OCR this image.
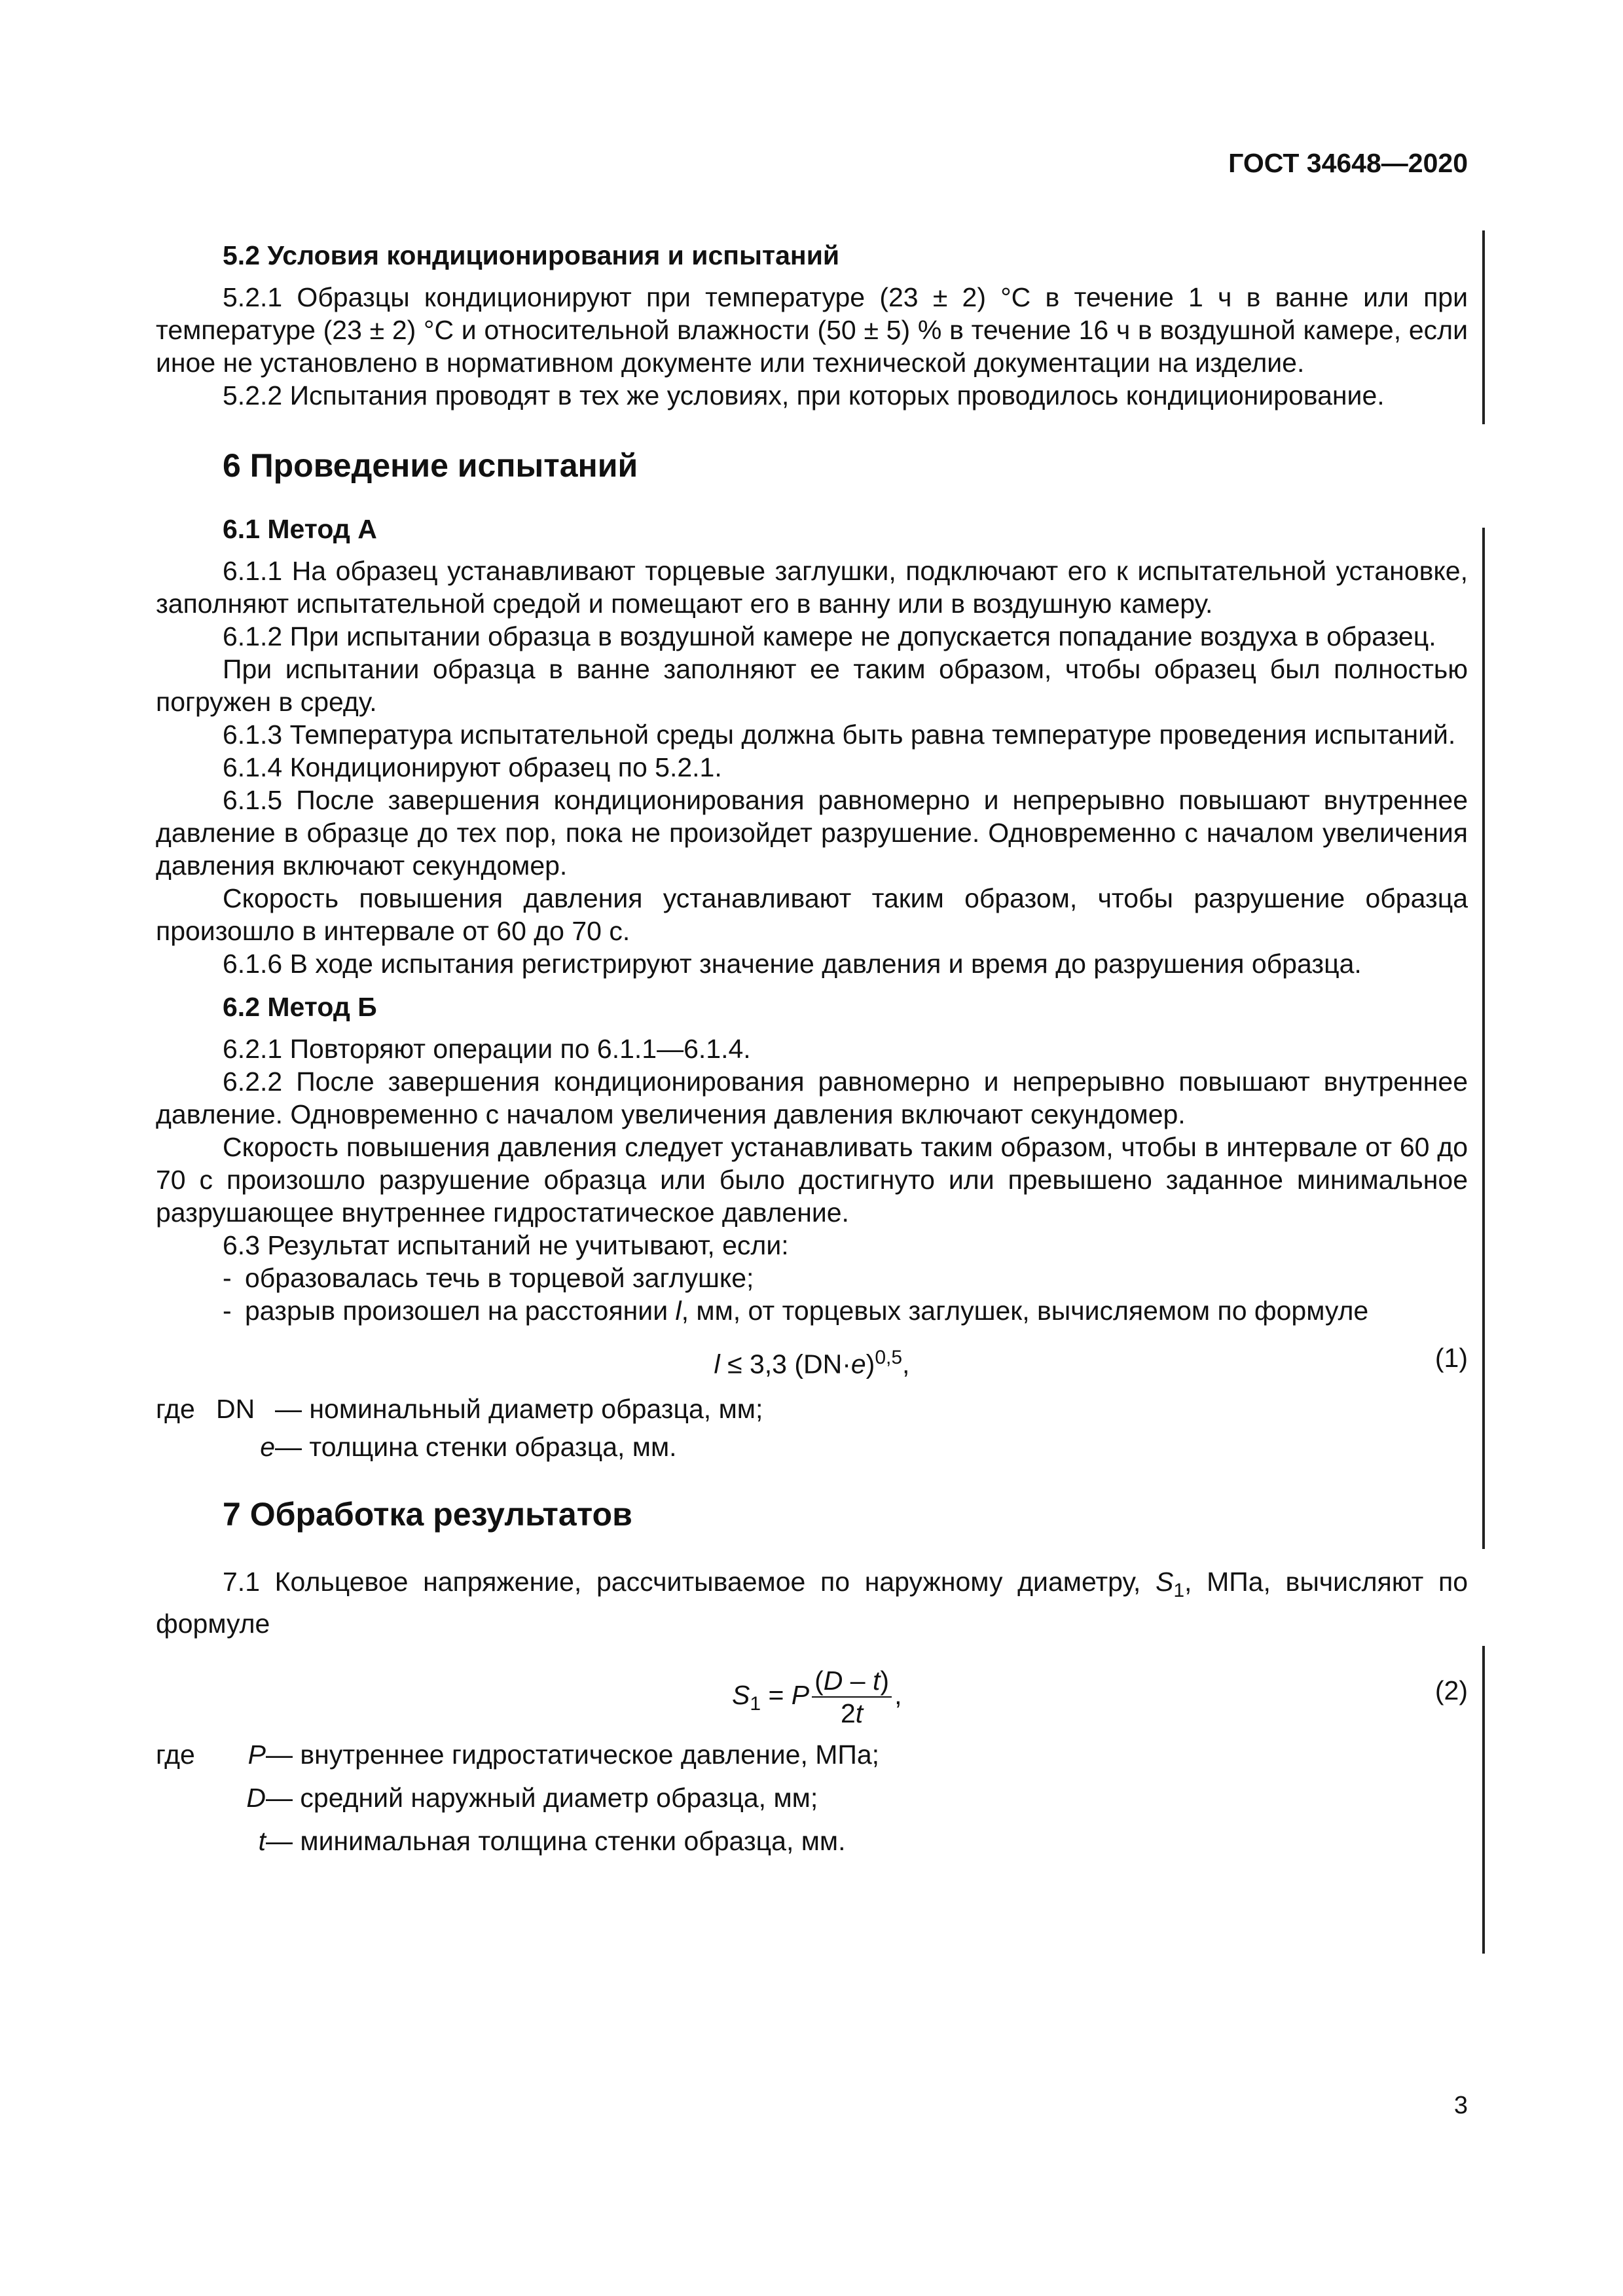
ГОСТ 34648—2020

5.2 Условия кондиционирования и испытаний

5.2.1 Образцы кондиционируют при температуре (23 ± 2) °С в течение 1 ч в ванне или при температуре (23 ± 2) °С и относительной влажности (50 ± 5) % в течение 16 ч в воздушной камере, если иное не установлено в нормативном документе или технической документации на изделие.

5.2.2 Испытания проводят в тех же условиях, при которых проводилось кондиционирование.

6 Проведение испытаний

6.1 Метод А

6.1.1 На образец устанавливают торцевые заглушки, подключают его к испытательной установке, заполняют испытательной средой и помещают его в ванну или в воздушную камеру.

6.1.2 При испытании образца в воздушной камере не допускается попадание воздуха в образец.

При испытании образца в ванне заполняют ее таким образом, чтобы образец был полностью погружен в среду.

6.1.3 Температура испытательной среды должна быть равна температуре проведения испытаний.

6.1.4 Кондиционируют образец по 5.2.1.

6.1.5 После завершения кондиционирования равномерно и непрерывно повышают внутреннее давление в образце до тех пор, пока не произойдет разрушение. Одновременно с началом увеличения давления включают секундомер.

Скорость повышения давления устанавливают таким образом, чтобы разрушение образца произошло в интервале от 60 до 70 с.

6.1.6 В ходе испытания регистрируют значение давления и время до разрушения образца.

6.2 Метод Б

6.2.1 Повторяют операции по 6.1.1—6.1.4.

6.2.2 После завершения кондиционирования равномерно и непрерывно повышают внутреннее давление. Одновременно с началом увеличения давления включают секундомер.

Скорость повышения давления следует устанавливать таким образом, чтобы в интервале от 60 до 70 с произошло разрушение образца или было достигнуто или превышено заданное минимальное разрушающее внутреннее гидростатическое давление.

6.3 Результат испытаний не учитывают, если:

- образовалась течь в торцевой заглушке;

- разрыв произошел на расстоянии l, мм, от торцевых заглушек, вычисляемом по формуле

l ≤ 3,3 $(DN\cdot e)^{0,5}$,	(1)
где DN — номинальный диаметр образца, мм;
e — толщина стенки образца, мм.

7 Обработка результатов

7.1 Кольцевое напряжение, рассчитываемое по наружному диаметру, $S_1$, МПа, вычисляют по формуле

$S_1 = P \frac{(D - t)}{2t}$ ,	(2)
где	P — внутреннее гидростатическое давление, МПа;
D — средний наружный диаметр образца, мм;
t — минимальная толщина стенки образца, мм.
3
